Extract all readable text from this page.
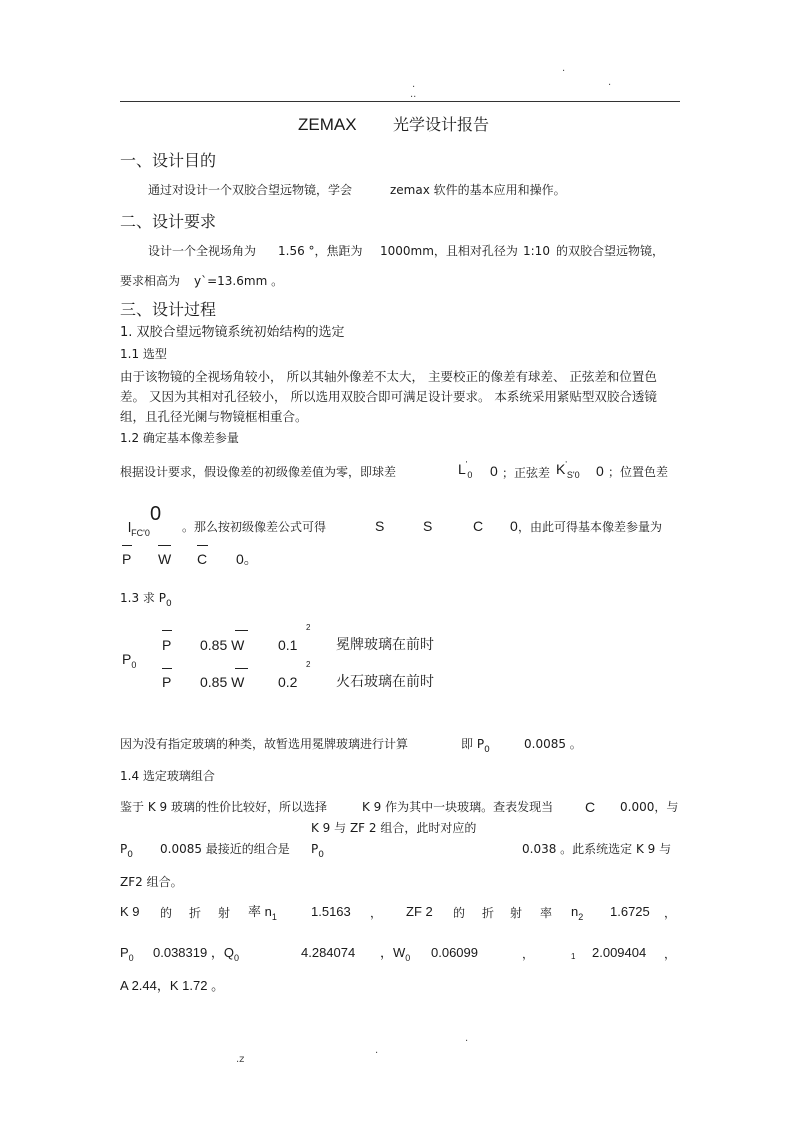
.
.
.
..
ZEMAX 光学设计报告
一、设计目的
通过对设计一个双胶合望远物镜，学会	zemax 软件的基本应用和操作。
二、设计要求
设计一个全视场角为 1.56 °，焦距为 1000mm，且相对孔径为 1:10 的双胶合望远物镜，
要求相高为 y`=13.6mm 。
三、设计过程
1. 双胶合望远物镜系统初始结构的选定
1.1 选型
由于该物镜的全视场角较小， 所以其轴外像差不太大， 主要校正的像差有球差、 正弦差和位置色
差。 又因为其相对孔径较小， 所以选用双胶合即可满足设计要求。 本系统采用紧贴型双胶合透镜
组，且孔径光阑与物镜框相重合。
1.2 确定基本像差参量
根据设计要求，假设像差的初级像差值为零，即球差	$L'_0$ 0 ；正弦差 $K'_{S'0}$ 0 ；位置色差
$l_{FC'0}$
0
。那么按初级像差公式可得	S	S	C 0 ，由此可得基本像差参量为
P W C 0。
1.3 求 $P_0$
$P_0$
P 0.85 W 0.1
2
冕牌玻璃在前时
P 0.85 W 0.2
2
火石玻璃在前时
因为没有指定玻璃的种类，故暂选用冕牌玻璃进行计算	即 $P_0$	0.0085 。
1.4 选定玻璃组合
鉴于 K 9 玻璃的性价比较好，所以选择	K 9 作为其中一块玻璃。查表发现当 C 0.000，与
K 9 与 ZF 2 组合，此时对应的
$P_0$ 0.0085 最接近的组合是 $P_0$	0.038 。此系统选定 K 9 与
ZF2 组合。
K 9 的 折 射 率 $n_1$	1.5163 ， ZF 2 的 折 射 率 $n_2$ 1.6725 ，
$P_0$ 0.038319 ，$Q_0$	4.284074 ，$W_0$ 0.06099	，	1 2.009404 ，
A 2.44，K 1.72 。
.z
.
.
